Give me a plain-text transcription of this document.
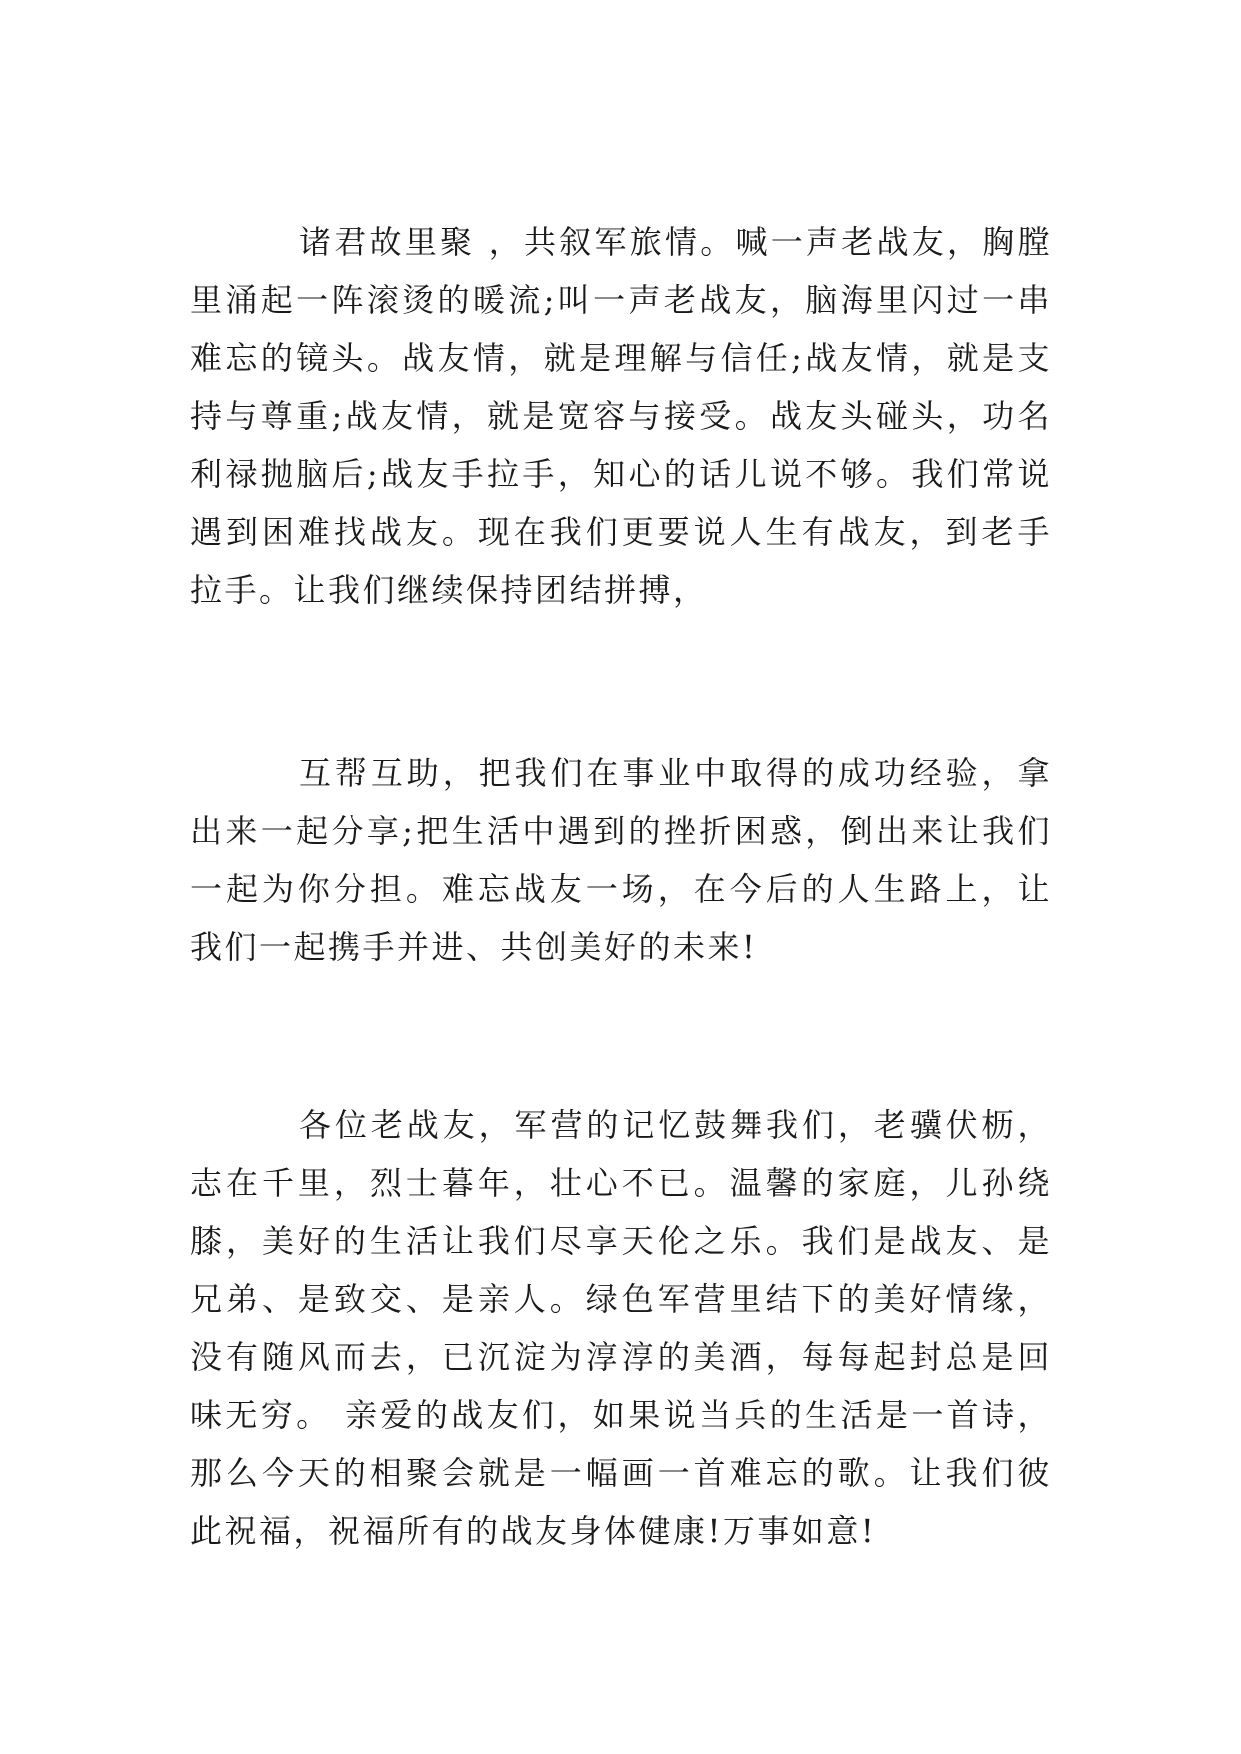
诸君故里聚 ，共叙军旅情。喊一声老战友，胸膛里涌起一阵滚烫的暖流;叫一声老战友，脑海里闪过一串难忘的镜头。战友情，就是理解与信任;战友情，就是支持与尊重;战友情，就是宽容与接受。战友头碰头，功名利禄抛脑后;战友手拉手，知心的话儿说不够。我们常说遇到困难找战友。现在我们更要说人生有战友，到老手拉手。让我们继续保持团结拼搏，

互帮互助，把我们在事业中取得的成功经验，拿出来一起分享;把生活中遇到的挫折困惑，倒出来让我们一起为你分担。难忘战友一场，在今后的人生路上，让我们一起携手并进、共创美好的未来!

各位老战友，军营的记忆鼓舞我们，老骥伏枥，志在千里，烈士暮年，壮心不已。温馨的家庭，儿孙绕膝，美好的生活让我们尽享天伦之乐。我们是战友、是兄弟、是致交、是亲人。绿色军营里结下的美好情缘，没有随风而去，已沉淀为淳淳的美酒，每每起封总是回味无穷。 亲爱的战友们，如果说当兵的生活是一首诗，那么今天的相聚会就是一幅画一首难忘的歌。让我们彼此祝福，祝福所有的战友身体健康!万事如意!
